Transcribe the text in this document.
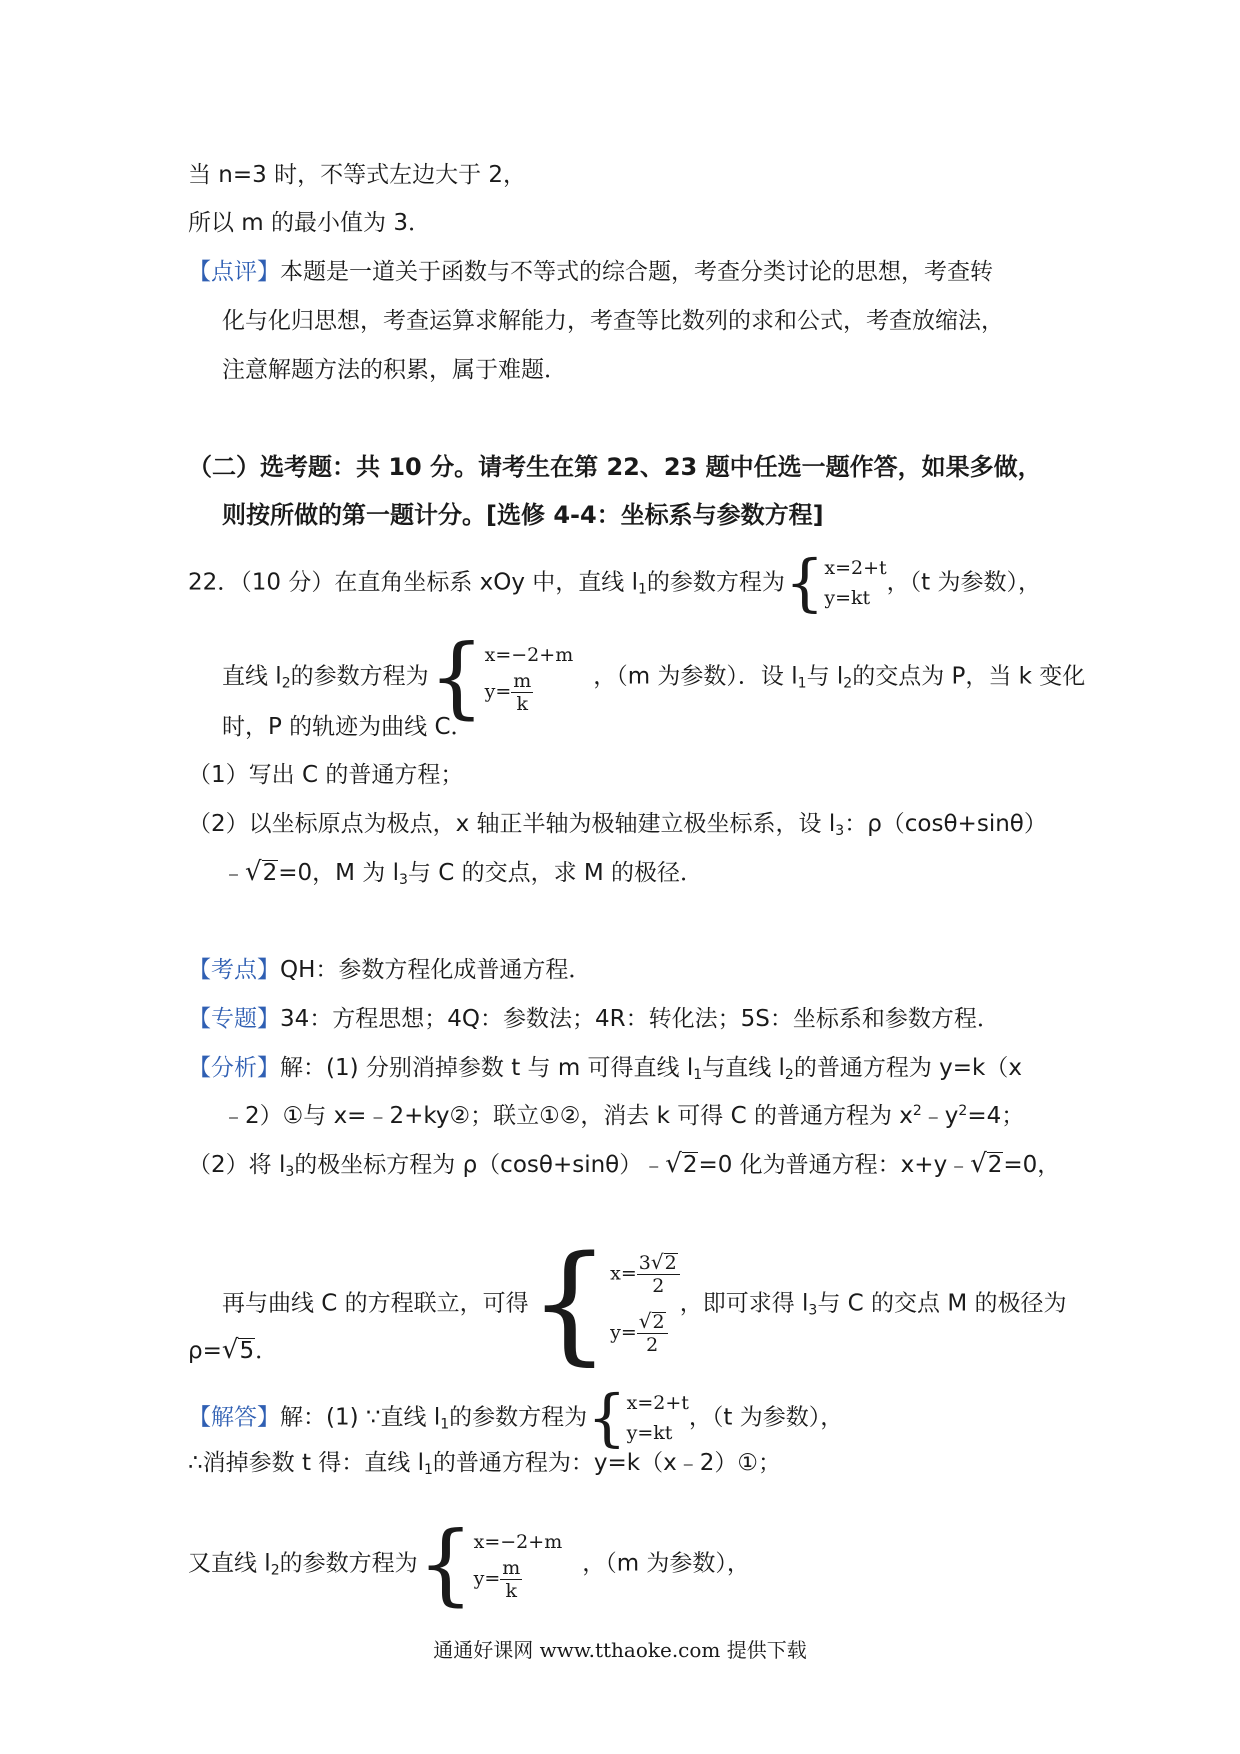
当 n=3 时，不等式左边大于 2，
所以 m 的最小值为 3．
【点评】本题是一道关于函数与不等式的综合题，考查分类讨论的思想，考查转
化与化归思想，考查运算求解能力，考查等比数列的求和公式，考查放缩法，
注意解题方法的积累，属于难题．
（二）选考题：共 10 分。请考生在第 22、23 题中任选一题作答，如果多做，
则按所做的第一题计分。[选修 4-4：坐标系与参数方程]
22．（10 分）在直角坐标系 xOy 中，直线 $l_1$的参数方程为 { x=2+t
y=kt
，（t 为参数），
直线 $l_2$的参数方程为 { x=−2+m
$y= \frac{m}{k}$	，（m 为参数）．设 $l_1$与 $l_2$的交点为 P，当 k 变化
时，P 的轨迹为曲线 C．
（1）写出 C 的普通方程；
（2）以坐标原点为极点，x 轴正半轴为极轴建立极坐标系，设 $l_3$：ρ（cosθ+sinθ）
﹣ √ 2 =0，M 为 $l_3$与 C 的交点，求 M 的极径．
【考点】QH：参数方程化成普通方程．
【专题】34：方程思想；4Q：参数法；4R：转化法；5S：坐标系和参数方程．
【分析】解：(1) 分别消掉参数 t 与 m 可得直线 $l_1$与直线 $l_2$的普通方程为 y=k（x
﹣2）①与 x=﹣2+ky②；联立①②，消去 k 可得 C 的普通方程为 $x^2﹣y^2=4$；
（2）将 $l_3$的极坐标方程为 ρ（cosθ+sinθ）﹣ √ 2 =0 化为普通方程：x+y﹣ √ 2 =0，
再与曲线 C 的方程联立，可得 { $x= \frac{3 √ 2}{2}$
$y= \frac{√ 2}{2}$
，即可求得 $l_3$与 C 的交点 M 的极径为
ρ= √ 5 ．
【解答】解：(1) ∵直线 $l_1$的参数方程为 { x=2+t
y=kt
，（t 为参数），
∴消掉参数 t 得：直线 $l_1$的普通方程为：y=k（x﹣2）①；
又直线 $l_2$的参数方程为 { x=−2+m
$y= \frac{m}{k}$	，（m 为参数），
通通好课网 www.tthaoke.com 提供下载
